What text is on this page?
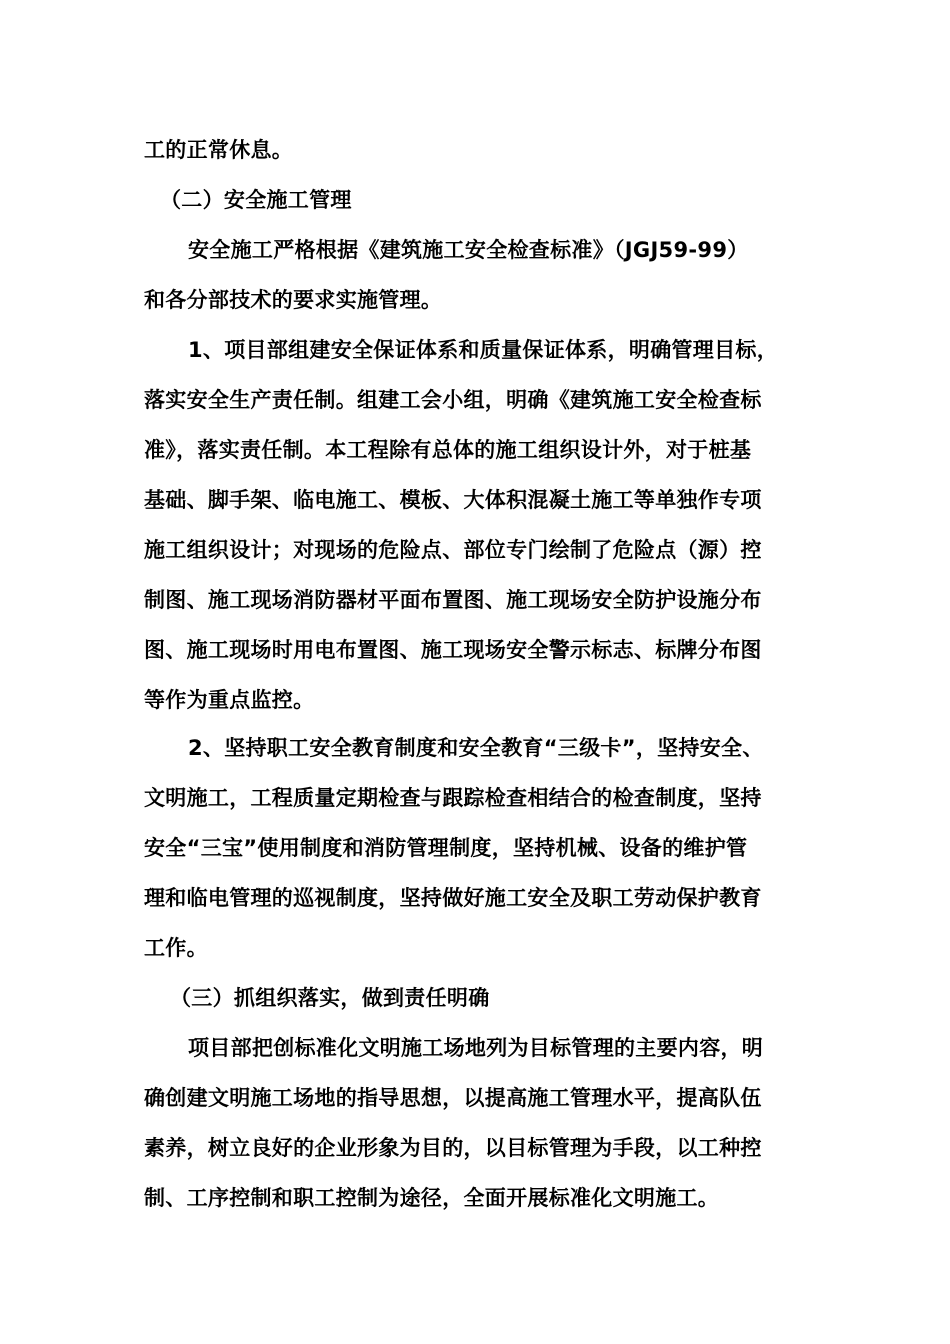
工的正常休息。
（二）安全施工管理
安全施工严格根据《建筑施工安全检查标准》（JGJ59-99）
和各分部技术的要求实施管理。
1、项目部组建安全保证体系和质量保证体系，明确管理目标，
落实安全生产责任制。组建工会小组，明确《建筑施工安全检查标
准》，落实责任制。本工程除有总体的施工组织设计外，对于桩基
基础、脚手架、临电施工、模板、大体积混凝土施工等单独作专项
施工组织设计；对现场的危险点、部位专门绘制了危险点（源）控
制图、施工现场消防器材平面布置图、施工现场安全防护设施分布
图、施工现场时用电布置图、施工现场安全警示标志、标牌分布图
等作为重点监控。
2、坚持职工安全教育制度和安全教育“三级卡”，坚持安全、
文明施工，工程质量定期检查与跟踪检查相结合的检查制度，坚持
安全“三宝”使用制度和消防管理制度，坚持机械、设备的维护管
理和临电管理的巡视制度，坚持做好施工安全及职工劳动保护教育
工作。
（三）抓组织落实，做到责任明确
项目部把创标准化文明施工场地列为目标管理的主要内容，明
确创建文明施工场地的指导思想，以提高施工管理水平，提高队伍
素养，树立良好的企业形象为目的，以目标管理为手段，以工种控
制、工序控制和职工控制为途径，全面开展标准化文明施工。
